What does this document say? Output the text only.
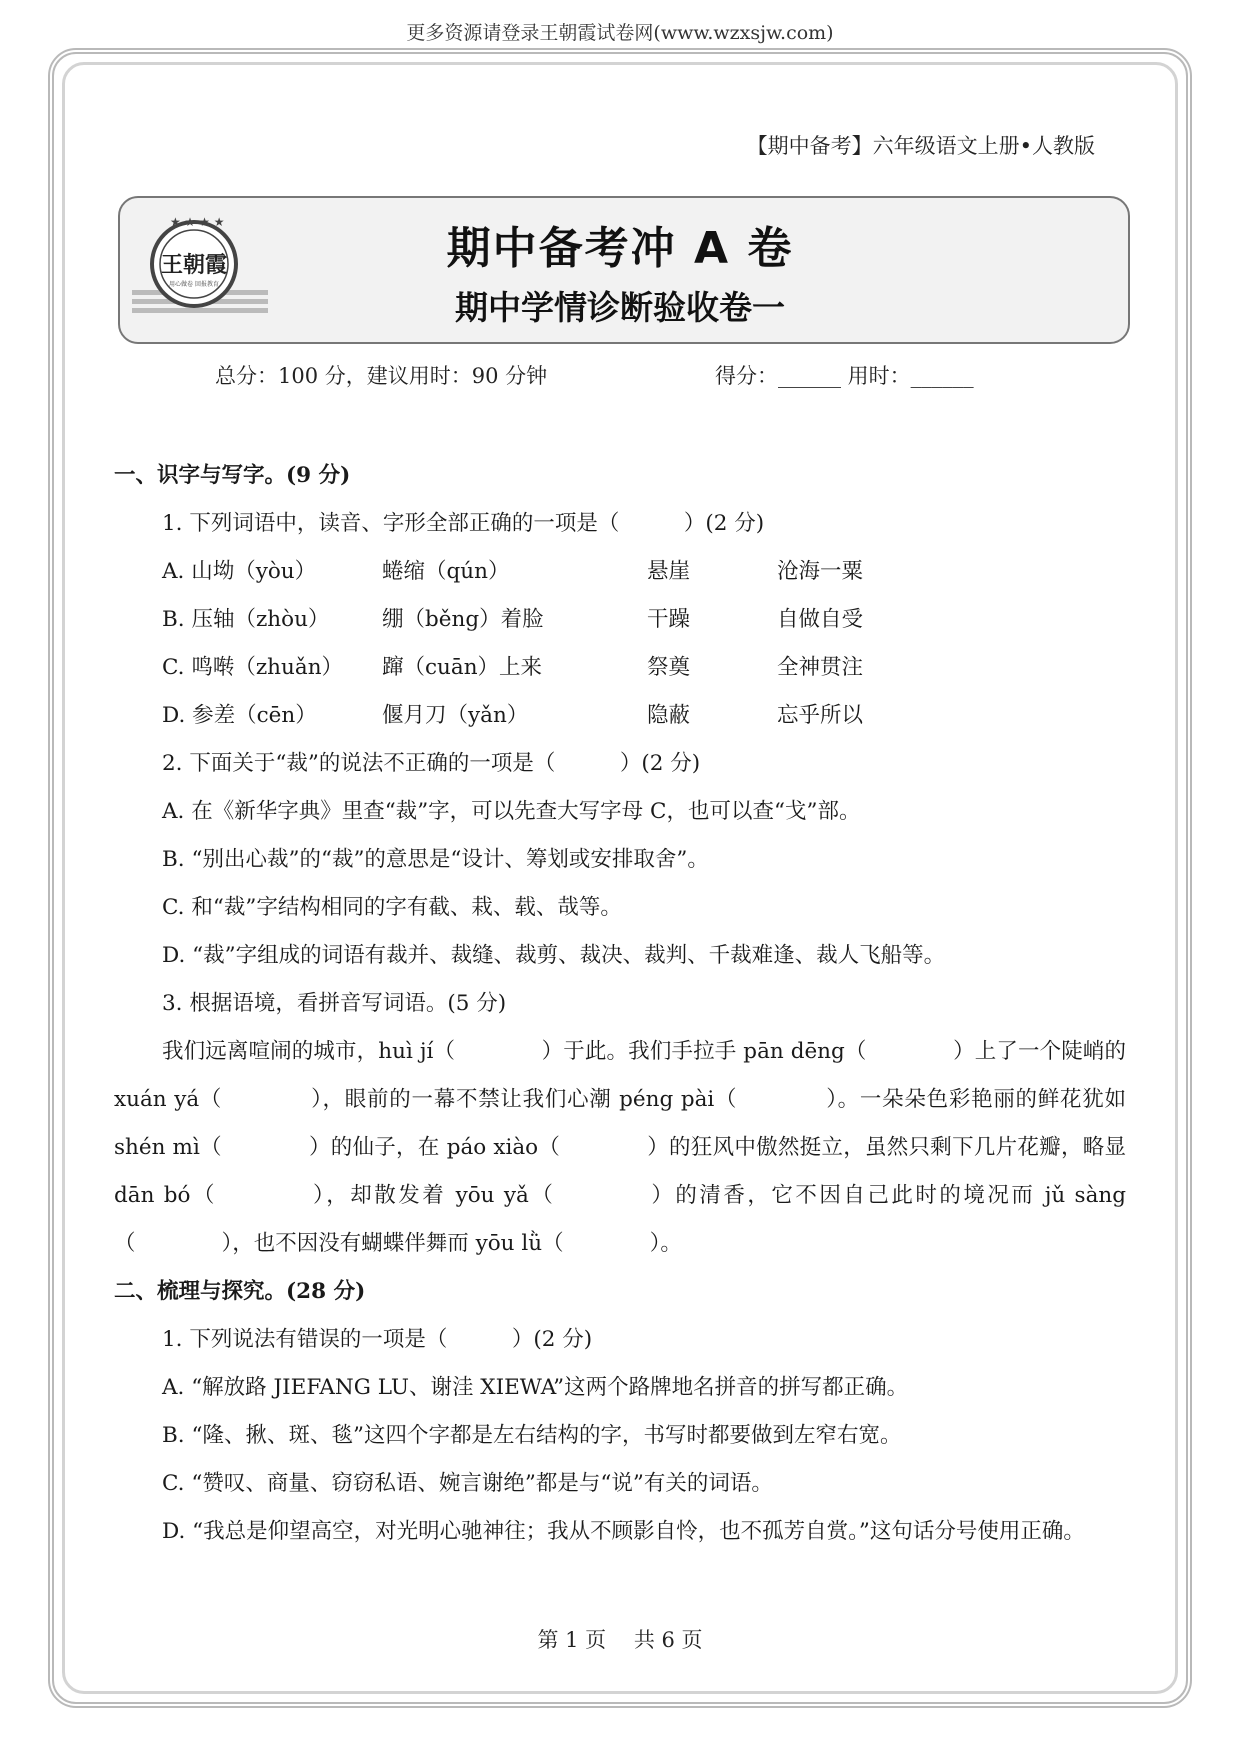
更多资源请登录王朝霞试卷网(www.wzxsjw.com)
【期中备考】六年级语文上册•人教版
★ ★ ★ ★
王朝霞
用心做卷 回报教育
期中备考冲 A 卷
期中学情诊断验收卷一
总分：100 分，建议用时：90 分钟	得分：______ 用时：______
一、识字与写字。(9 分)
1. 下列词语中，读音、字形全部正确的一项是（　　　）(2 分)
A. 山坳（yòu）	蜷缩（qún）	悬崖	沧海一粟
B. 压轴（zhòu） 绷（běng）着脸	干躁	自做自受
C. 鸣啭（zhuǎn） 蹿（cuān）上来	祭奠	全神贯注
D. 参差（cēn）	偃月刀（yǎn）	隐蔽	忘乎所以
2. 下面关于“裁”的说法不正确的一项是（　　　）(2 分)
A. 在《新华字典》里查“裁”字，可以先查大写字母 C，也可以查“戈”部。
B. “别出心裁”的“裁”的意思是“设计、筹划或安排取舍”。
C. 和“裁”字结构相同的字有截、栽、载、哉等。
D. “裁”字组成的词语有裁并、裁缝、裁剪、裁决、裁判、千裁难逢、裁人飞船等。
3. 根据语境，看拼音写词语。(5 分)
我们远离喧闹的城市，huì jí（　　　　）于此。我们手拉手 pān dēng（　　　　）上了一个陡峭的 xuán yá（　　　　），眼前的一幕不禁让我们心潮 péng pài（　　　　）。一朵朵色彩艳丽的鲜花犹如 shén mì（　　　　）的仙子，在 páo xiào（　　　　）的狂风中傲然挺立，虽然只剩下几片花瓣，略显 dān bó（　　　　），却散发着 yōu yǎ（　　　　）的清香，它不因自己此时的境况而 jǔ sàng（　　　　），也不因没有蝴蝶伴舞而 yōu lǜ（　　　　）。
二、梳理与探究。(28 分)
1. 下列说法有错误的一项是（　　　）(2 分)
A. “解放路 JIEFANG LU、谢洼 XIEWA”这两个路牌地名拼音的拼写都正确。
B. “隆、揪、斑、毯”这四个字都是左右结构的字，书写时都要做到左窄右宽。
C. “赞叹、商量、窃窃私语、婉言谢绝”都是与“说”有关的词语。
D. “我总是仰望高空，对光明心驰神往；我从不顾影自怜，也不孤芳自赏。”这句话分号使用正确。
第 1 页　 共 6 页
